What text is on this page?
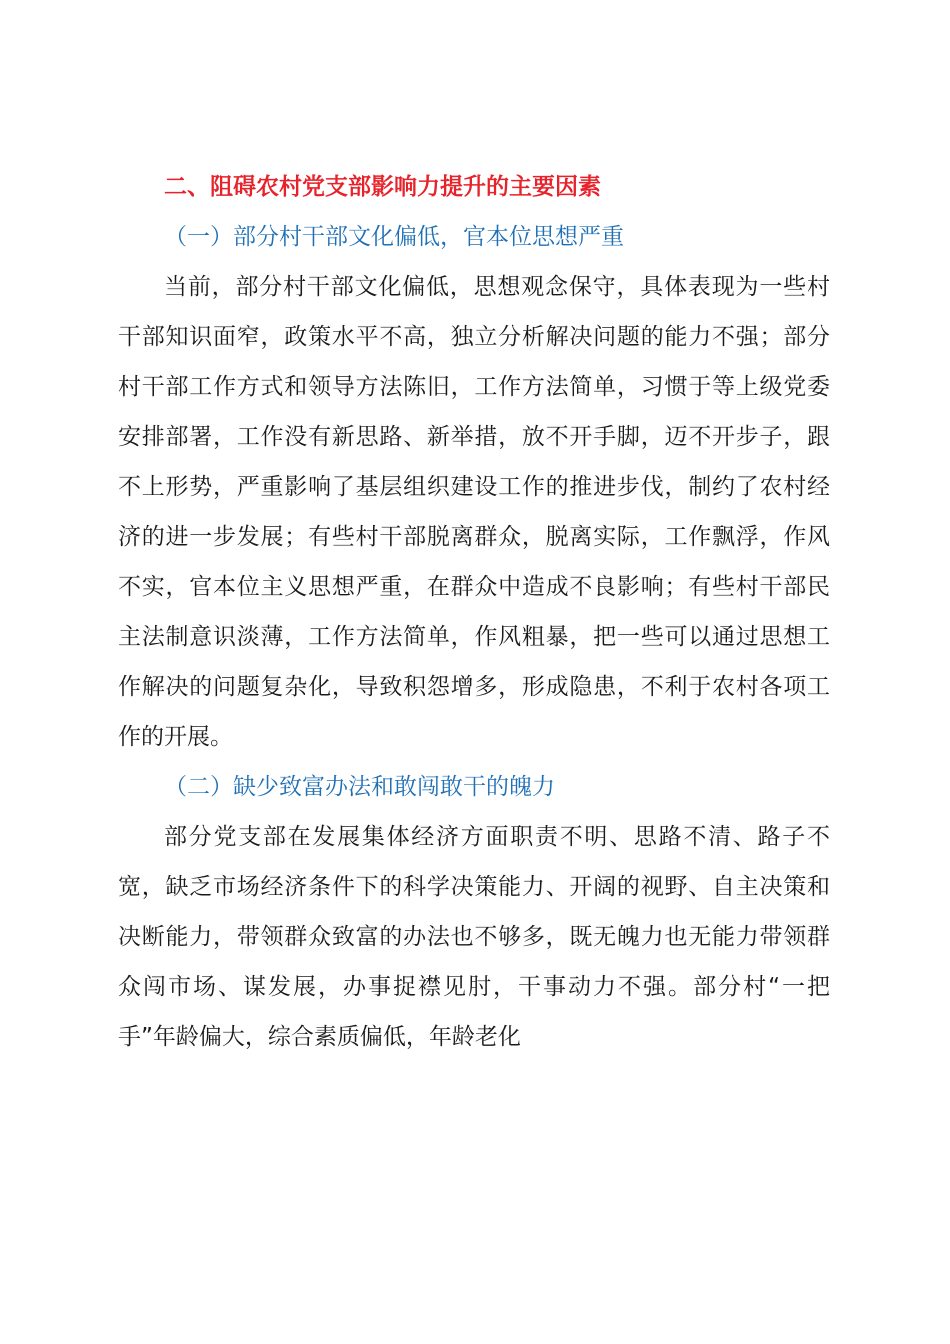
二、阻碍农村党支部影响力提升的主要因素

（一）部分村干部文化偏低，官本位思想严重

当前，部分村干部文化偏低，思想观念保守，具体表现为一些村干部知识面窄，政策水平不高，独立分析解决问题的能力不强；部分村干部工作方式和领导方法陈旧，工作方法简单，习惯于等上级党委安排部署，工作没有新思路、新举措，放不开手脚，迈不开步子，跟不上形势，严重影响了基层组织建设工作的推进步伐，制约了农村经济的进一步发展；有些村干部脱离群众，脱离实际，工作飘浮，作风不实，官本位主义思想严重，在群众中造成不良影响；有些村干部民主法制意识淡薄，工作方法简单，作风粗暴，把一些可以通过思想工作解决的问题复杂化，导致积怨增多，形成隐患，不利于农村各项工作的开展。

（二）缺少致富办法和敢闯敢干的魄力

部分党支部在发展集体经济方面职责不明、思路不清、路子不宽，缺乏市场经济条件下的科学决策能力、开阔的视野、自主决策和决断能力，带领群众致富的办法也不够多，既无魄力也无能力带领群众闯市场、谋发展，办事捉襟见肘，干事动力不强。部分村“一把手”年龄偏大，综合素质偏低，年龄老化
